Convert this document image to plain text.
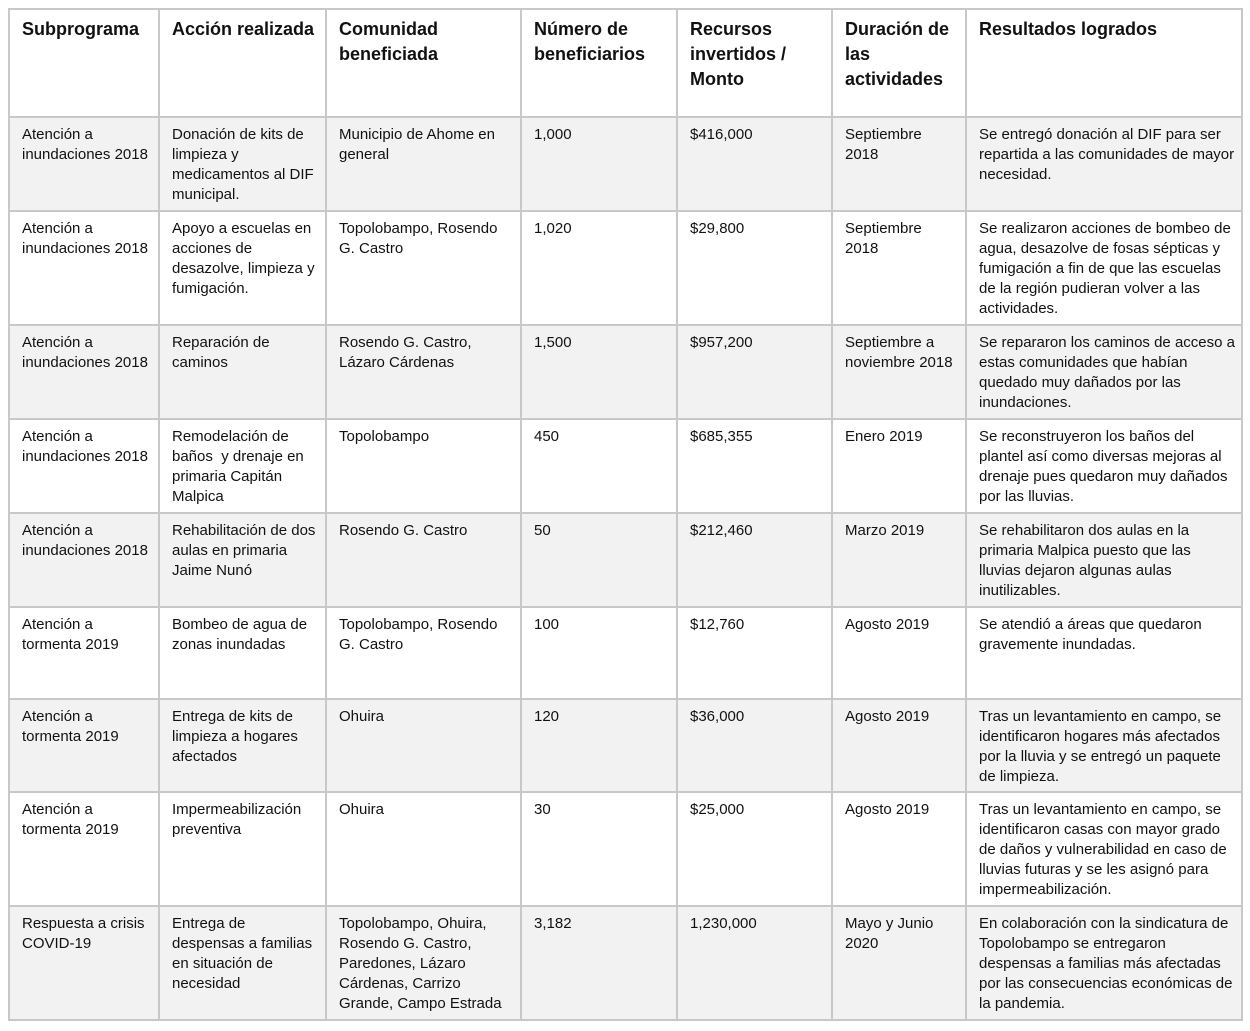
Subprograma	Acción realizada	Comunidad beneficiada	Número de beneficiarios	Recursos invertidos / Monto	Duración de las actividades	Resultados logrados
Atención a inundaciones 2018	Donación de kits de limpieza y medicamentos al DIF municipal.	Municipio de Ahome en general	1,000	$416,000	Septiembre 2018	Se entregó donación al DIF para ser repartida a las comunidades de mayor necesidad.
Atención a inundaciones 2018	Apoyo a escuelas en acciones de desazolve, limpieza y fumigación.	Topolobampo, Rosendo G. Castro	1,020	$29,800	Septiembre 2018	Se realizaron acciones de bombeo de agua, desazolve de fosas sépticas y fumigación a fin de que las escuelas de la región pudieran volver a las actividades.
Atención a inundaciones 2018	Reparación de caminos	Rosendo G. Castro, Lázaro Cárdenas	1,500	$957,200	Septiembre a noviembre 2018	Se repararon los caminos de acceso a estas comunidades que habían quedado muy dañados por las inundaciones.
Atención a inundaciones 2018	Remodelación de baños  y drenaje en primaria Capitán Malpica	Topolobampo	450	$685,355	Enero 2019	Se reconstruyeron los baños del plantel así como diversas mejoras al drenaje pues quedaron muy dañados por las lluvias.
Atención a inundaciones 2018	Rehabilitación de dos aulas en primaria Jaime Nunó	Rosendo G. Castro	50	$212,460	Marzo 2019	Se rehabilitaron dos aulas en la primaria Malpica puesto que las lluvias dejaron algunas aulas inutilizables.
Atención a tormenta 2019	Bombeo de agua de zonas inundadas	Topolobampo, Rosendo G. Castro	100	$12,760	Agosto 2019	Se atendió a áreas que quedaron gravemente inundadas.
Atención a tormenta 2019	Entrega de kits de limpieza a hogares afectados	Ohuira	120	$36,000	Agosto 2019	Tras un levantamiento en campo, se identificaron hogares más afectados por la lluvia y se entregó un paquete de limpieza.
Atención a tormenta 2019	Impermeabilización preventiva	Ohuira	30	$25,000	Agosto 2019	Tras un levantamiento en campo, se identificaron casas con mayor grado de daños y vulnerabilidad en caso de lluvias futuras y se les asignó para impermeabilización.
Respuesta a crisis COVID-19	Entrega de despensas a familias en situación de necesidad	Topolobampo, Ohuira, Rosendo G. Castro, Paredones, Lázaro Cárdenas, Carrizo Grande, Campo Estrada	3,182	1,230,000	Mayo y Junio 2020	En colaboración con la sindicatura de Topolobampo se entregaron despensas a familias más afectadas por las consecuencias económicas de la pandemia.
